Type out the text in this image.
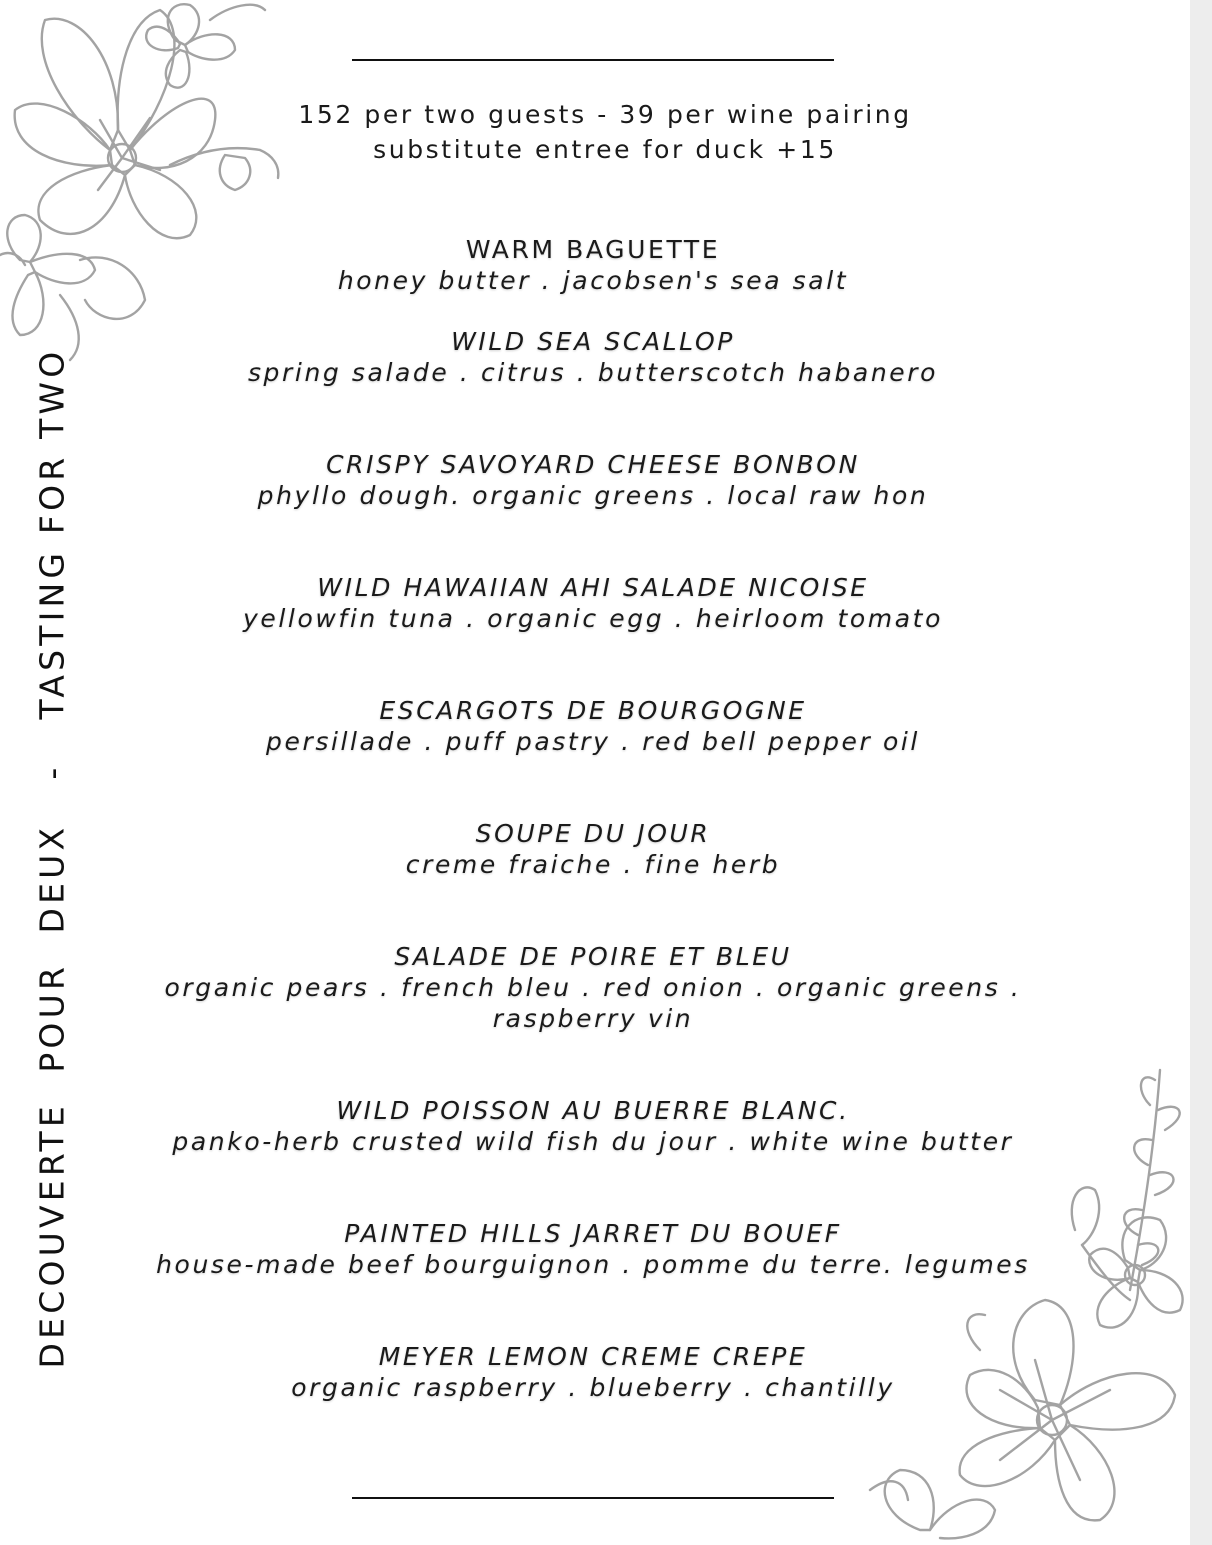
DECOUVERTE  POUR  DEUX   -   TASTING FOR TWO
152 per two guests - 39 per wine pairing
substitute entree for duck +15
WARM BAGUETTE
honey butter . jacobsen's sea salt
WILD SEA SCALLOP
spring salade . citrus . butterscotch habanero
CRISPY SAVOYARD CHEESE BONBON
phyllo dough. organic greens . local raw hon
WILD HAWAIIAN AHI SALADE NICOISE
yellowfin tuna . organic egg . heirloom tomato
ESCARGOTS DE BOURGOGNE
persillade . puff pastry . red bell pepper oil
SOUPE DU JOUR
creme fraiche . fine herb
SALADE DE POIRE ET BLEU
organic pears . french bleu . red onion . organic greens .
raspberry vin
WILD POISSON AU BUERRE BLANC.
panko-herb crusted wild fish du jour . white wine butter
PAINTED HILLS JARRET DU BOUEF
house-made beef bourguignon . pomme du terre. legumes
MEYER LEMON CREME CREPE
organic raspberry . blueberry . chantilly
